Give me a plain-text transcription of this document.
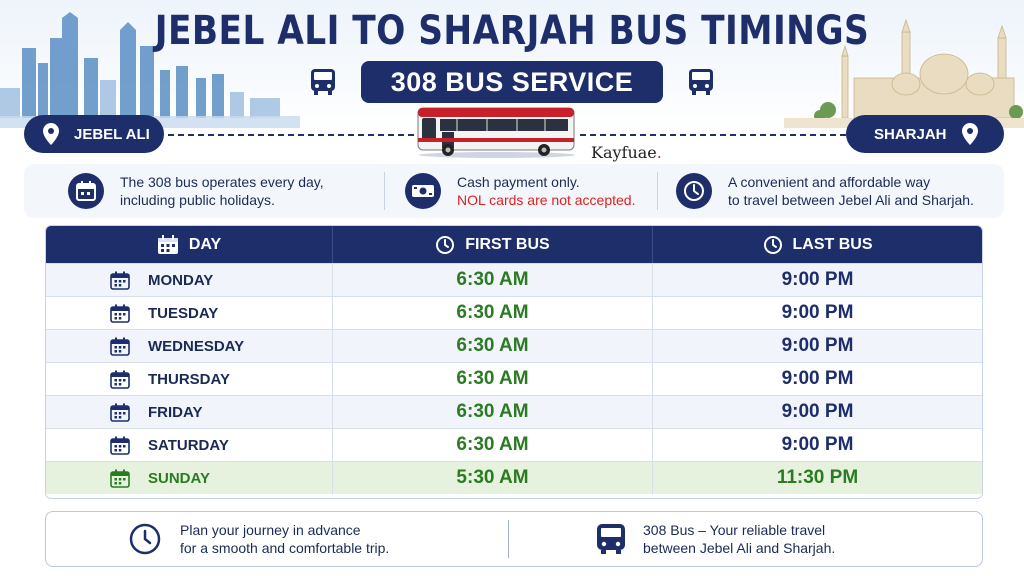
JEBEL ALI TO SHARJAH BUS TIMINGS
308 BUS SERVICE
JEBEL ALI
Kayfuae.
SHARJAH
The 308 bus operates every day,
including public holidays.
Cash payment only.
NOL cards are not accepted.
A convenient and affordable way
to travel between Jebel Ali and Sharjah.
DAY	FIRST BUS	LAST BUS
MONDAY	6:30 AM	9:00 PM
TUESDAY	6:30 AM	9:00 PM
WEDNESDAY	6:30 AM	9:00 PM
THURSDAY	6:30 AM	9:00 PM
FRIDAY	6:30 AM	9:00 PM
SATURDAY	6:30 AM	9:00 PM
SUNDAY	5:30 AM	11:30 PM
Plan your journey in advance
for a smooth and comfortable trip.
308 Bus – Your reliable travel
between Jebel Ali and Sharjah.
